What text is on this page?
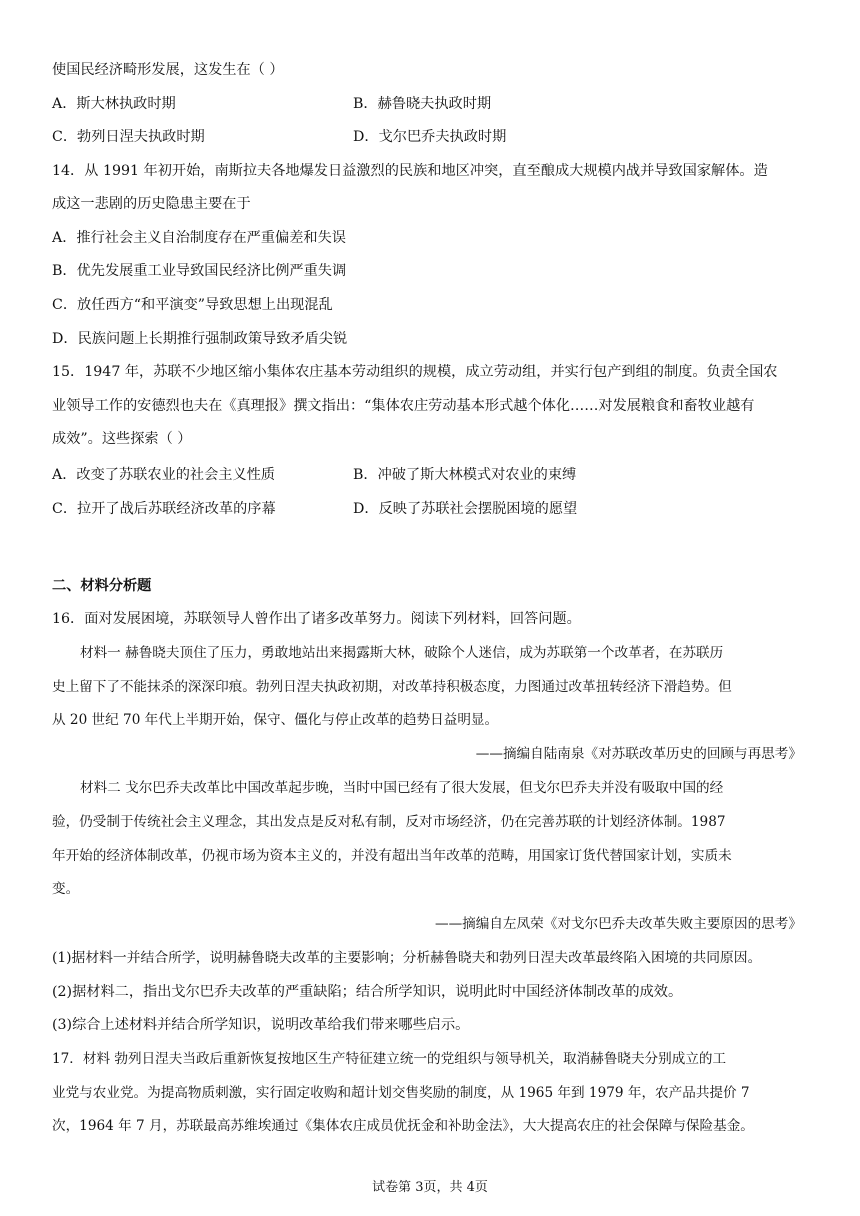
使国民经济畸形发展，这发生在（ ）
A．斯大林执政时期	B．赫鲁晓夫执政时期
C．勃列日涅夫执政时期	D．戈尔巴乔夫执政时期
14．从 1991 年初开始，南斯拉夫各地爆发日益激烈的民族和地区冲突，直至酿成大规模内战并导致国家解体。造
成这一悲剧的历史隐患主要在于
A．推行社会主义自治制度存在严重偏差和失误
B．优先发展重工业导致国民经济比例严重失调
C．放任西方“和平演变”导致思想上出现混乱
D．民族问题上长期推行强制政策导致矛盾尖锐
15．1947 年，苏联不少地区缩小集体农庄基本劳动组织的规模，成立劳动组，并实行包产到组的制度。负责全国农
业领导工作的安德烈也夫在《真理报》撰文指出：“集体农庄劳动基本形式越个体化……对发展粮食和畜牧业越有
成效”。这些探索（ ）
A．改变了苏联农业的社会主义性质	B．冲破了斯大林模式对农业的束缚
C．拉开了战后苏联经济改革的序幕	D．反映了苏联社会摆脱困境的愿望
二、材料分析题
16．面对发展困境，苏联领导人曾作出了诸多改革努力。阅读下列材料，回答问题。
材料一 赫鲁晓夫顶住了压力，勇敢地站出来揭露斯大林，破除个人迷信，成为苏联第一个改革者，在苏联历
史上留下了不能抹杀的深深印痕。勃列日涅夫执政初期，对改革持积极态度，力图通过改革扭转经济下滑趋势。但
从 20 世纪 70 年代上半期开始，保守、僵化与停止改革的趋势日益明显。
——摘编自陆南泉《对苏联改革历史的回顾与再思考》
材料二 戈尔巴乔夫改革比中国改革起步晚，当时中国已经有了很大发展，但戈尔巴乔夫并没有吸取中国的经
验，仍受制于传统社会主义理念，其出发点是反对私有制，反对市场经济，仍在完善苏联的计划经济体制。1987
年开始的经济体制改革，仍视市场为资本主义的，并没有超出当年改革的范畴，用国家订货代替国家计划，实质未
变。
——摘编自左凤荣《对戈尔巴乔夫改革失败主要原因的思考》
(1)据材料一并结合所学，说明赫鲁晓夫改革的主要影响；分析赫鲁晓夫和勃列日涅夫改革最终陷入困境的共同原因。
(2)据材料二，指出戈尔巴乔夫改革的严重缺陷；结合所学知识，说明此时中国经济体制改革的成效。
(3)综合上述材料并结合所学知识，说明改革给我们带来哪些启示。
17．材料 勃列日涅夫当政后重新恢复按地区生产特征建立统一的党组织与领导机关，取消赫鲁晓夫分别成立的工
业党与农业党。为提高物质刺激，实行固定收购和超计划交售奖励的制度，从 1965 年到 1979 年，农产品共提价 7
次，1964 年 7 月，苏联最高苏维埃通过《集体农庄成员优抚金和补助金法》，大大提高农庄的社会保障与保险基金。
试卷第 3页，共 4页
